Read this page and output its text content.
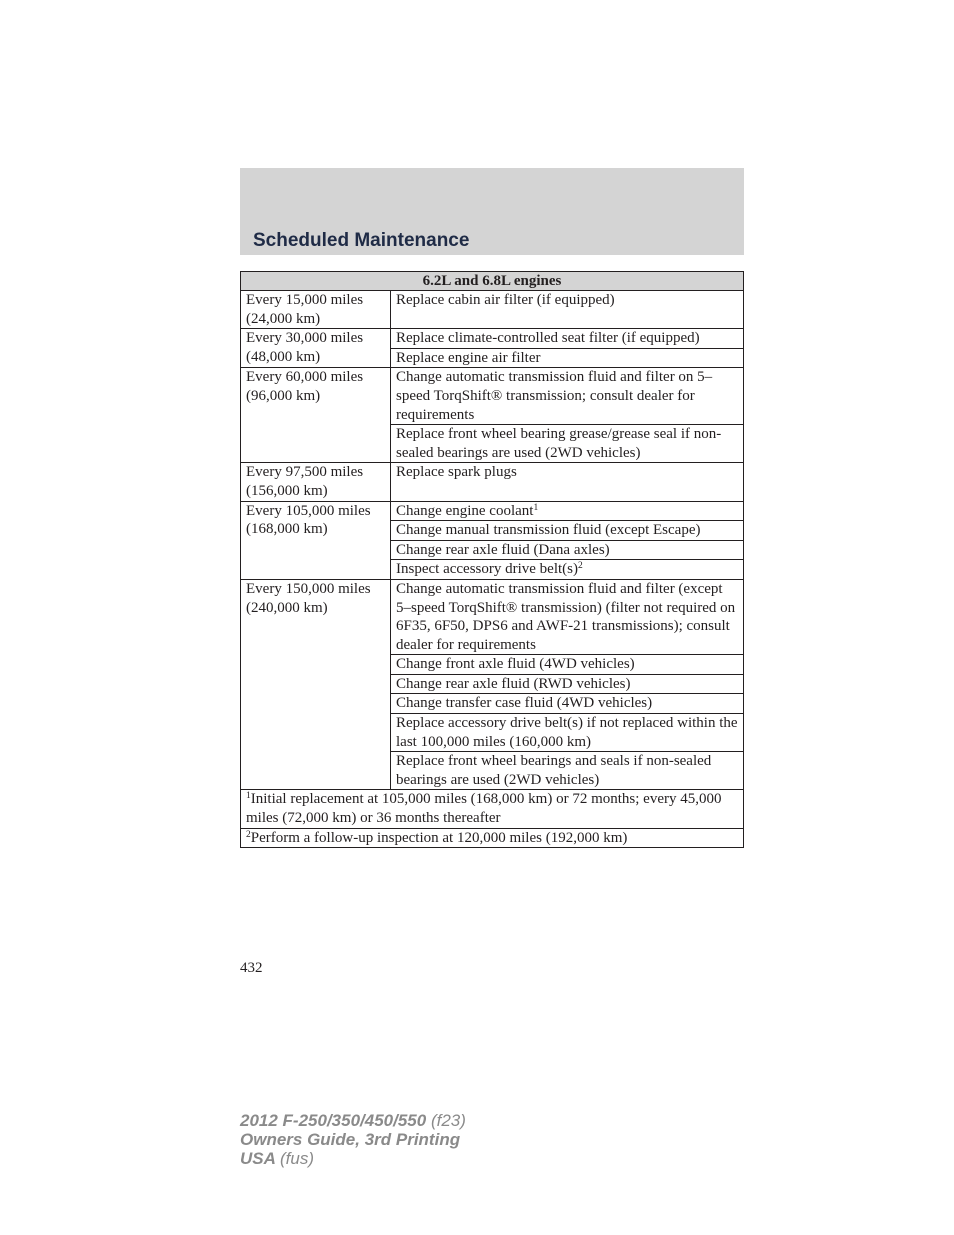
Scheduled Maintenance
6.2L and 6.8L engines	
Every 15,000 miles (24,000 km)	Replace cabin air filter (if equipped)
Every 30,000 miles (48,000 km)	Replace climate-controlled seat filter (if equipped)
	Replace engine air filter
Every 60,000 miles (96,000 km)	Change automatic transmission fluid and filter on 5–speed TorqShift® transmission; consult dealer for requirements
	Replace front wheel bearing grease/grease seal if non-sealed bearings are used (2WD vehicles)
Every 97,500 miles (156,000 km)	Replace spark plugs
Every 105,000 miles (168,000 km)	Change engine coolant$^1$
	Change manual transmission fluid (except Escape)
	Change rear axle fluid (Dana axles)
	Inspect accessory drive $belt(s)^2$
Every 150,000 miles (240,000 km)	Change automatic transmission fluid and filter (except 5–speed TorqShift® transmission) (filter not required on 6F35, 6F50, DPS6 and AWF-21 transmissions); consult dealer for requirements
	Change front axle fluid (4WD vehicles)
	Change rear axle fluid (RWD vehicles)
	Change transfer case fluid (4WD vehicles)
	Replace accessory drive belt(s) if not replaced within the last 100,000 miles (160,000 km)
	Replace front wheel bearings and seals if non-sealed bearings are used (2WD vehicles)
$^1$Initial replacement at 105,000 miles (168,000 km) or 72 months; every 45,000 miles (72,000 km) or 36 months thereafter	
$^2$Perform a follow-up inspection at 120,000 miles (192,000 km)	
432
2012 F-250/350/450/550 (f23)
Owners Guide, 3rd Printing
USA (fus)
